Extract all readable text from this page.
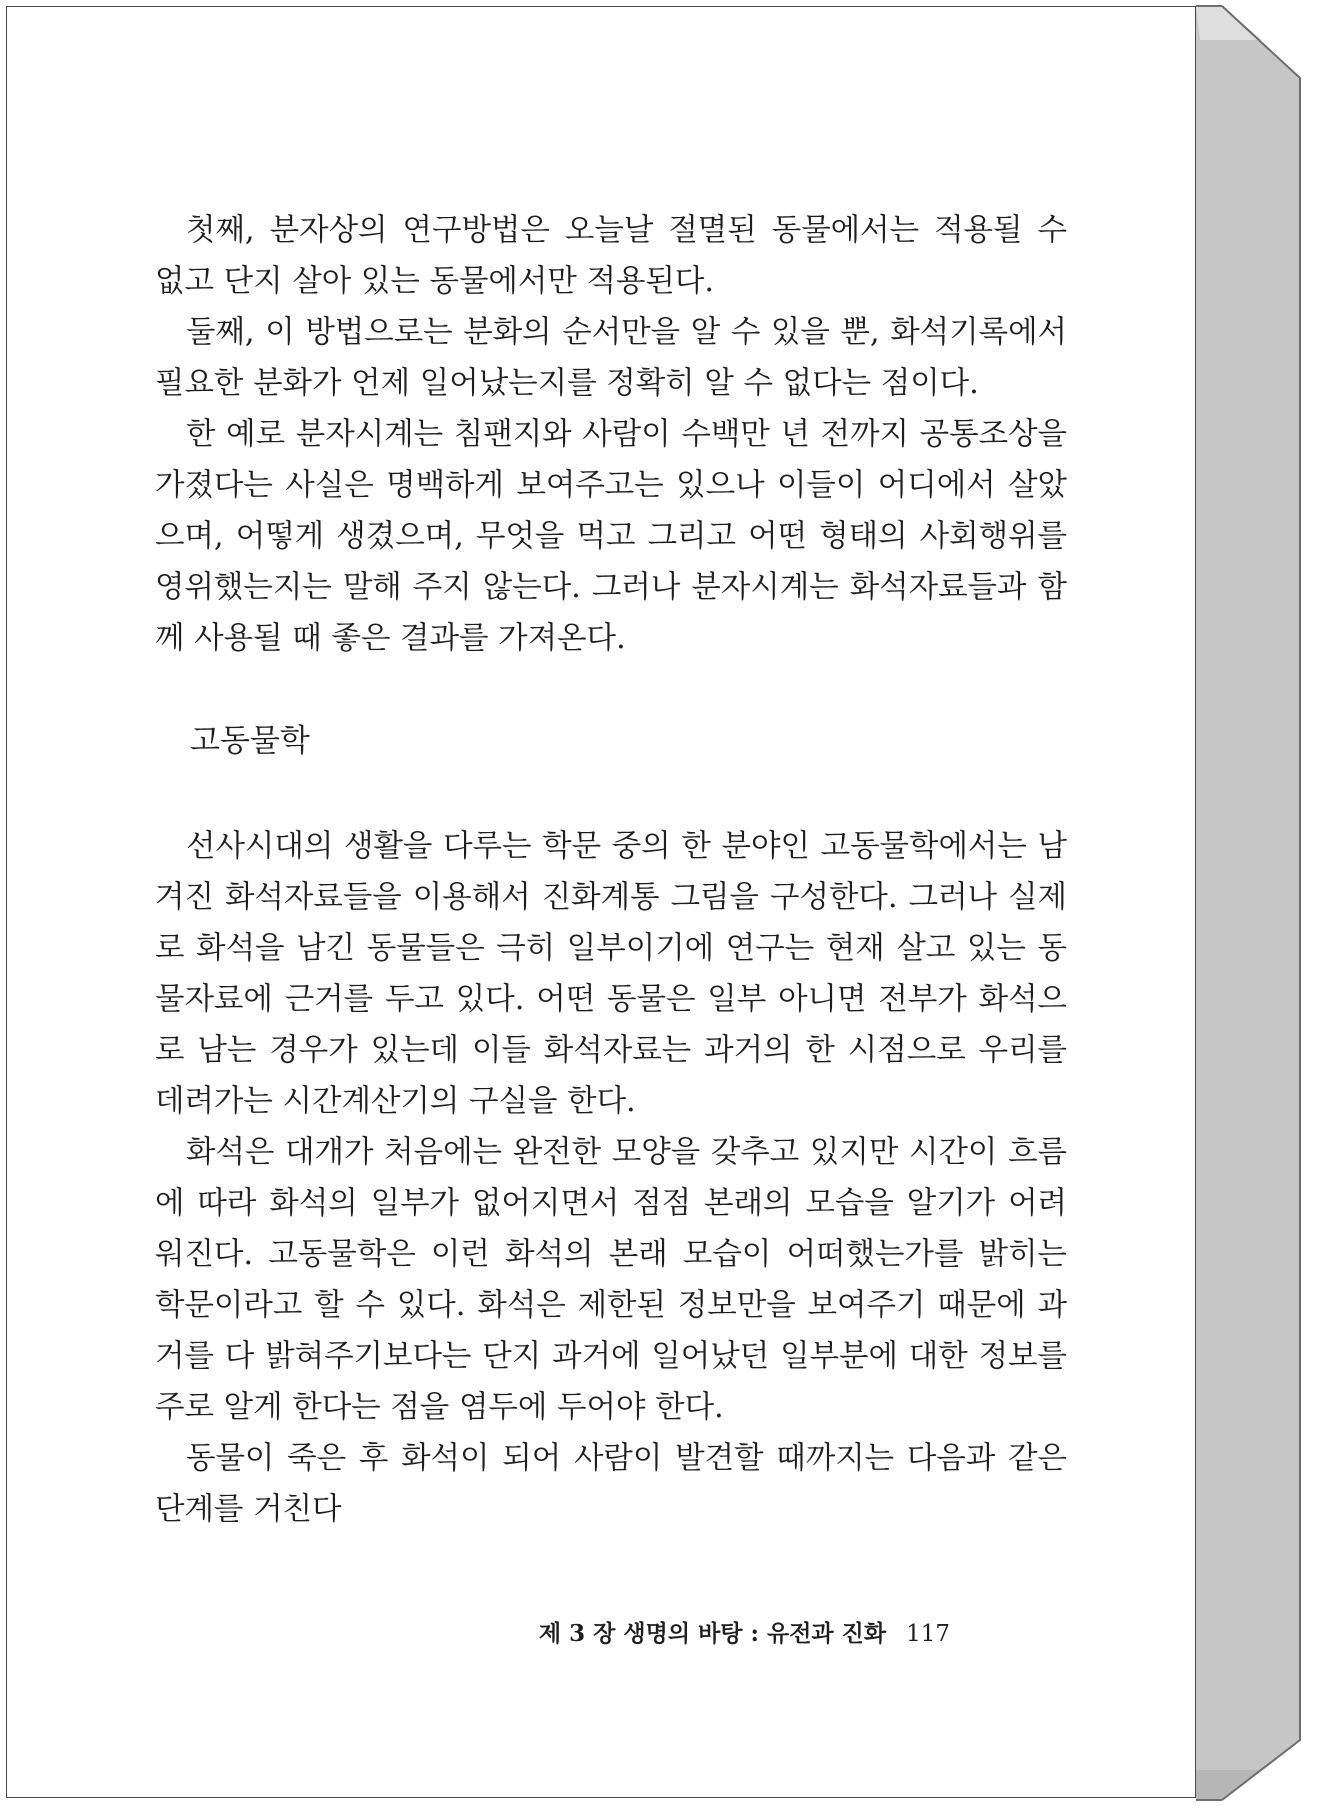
첫째, 분자상의 연구방법은 오늘날 절멸된 동물에서는 적용될 수 없고 단지 살아 있는 동물에서만 적용된다.

둘째, 이 방법으로는 분화의 순서만을 알 수 있을 뿐, 화석기록에서 필요한 분화가 언제 일어났는지를 정확히 알 수 없다는 점이다.

한 예로 분자시계는 침팬지와 사람이 수백만 년 전까지 공통조상을 가졌다는 사실은 명백하게 보여주고는 있으나 이들이 어디에서 살았으며, 어떻게 생겼으며, 무엇을 먹고 그리고 어떤 형태의 사회행위를 영위했는지는 말해 주지 않는다. 그러나 분자시계는 화석자료들과 함께 사용될 때 좋은 결과를 가져온다.

고동물학

선사시대의 생활을 다루는 학문 중의 한 분야인 고동물학에서는 남겨진 화석자료들을 이용해서 진화계통 그림을 구성한다. 그러나 실제로 화석을 남긴 동물들은 극히 일부이기에 연구는 현재 살고 있는 동물자료에 근거를 두고 있다. 어떤 동물은 일부 아니면 전부가 화석으로 남는 경우가 있는데 이들 화석자료는 과거의 한 시점으로 우리를 데려가는 시간계산기의 구실을 한다.

화석은 대개가 처음에는 완전한 모양을 갖추고 있지만 시간이 흐름에 따라 화석의 일부가 없어지면서 점점 본래의 모습을 알기가 어려워진다. 고동물학은 이런 화석의 본래 모습이 어떠했는가를 밝히는 학문이라고 할 수 있다. 화석은 제한된 정보만을 보여주기 때문에 과거를 다 밝혀주기보다는 단지 과거에 일어났던 일부분에 대한 정보를 주로 알게 한다는 점을 염두에 두어야 한다.

동물이 죽은 후 화석이 되어 사람이 발견할 때까지는 다음과 같은 단계를 거친다

제 3 장 생명의 바탕 : 유전과 진화 117
